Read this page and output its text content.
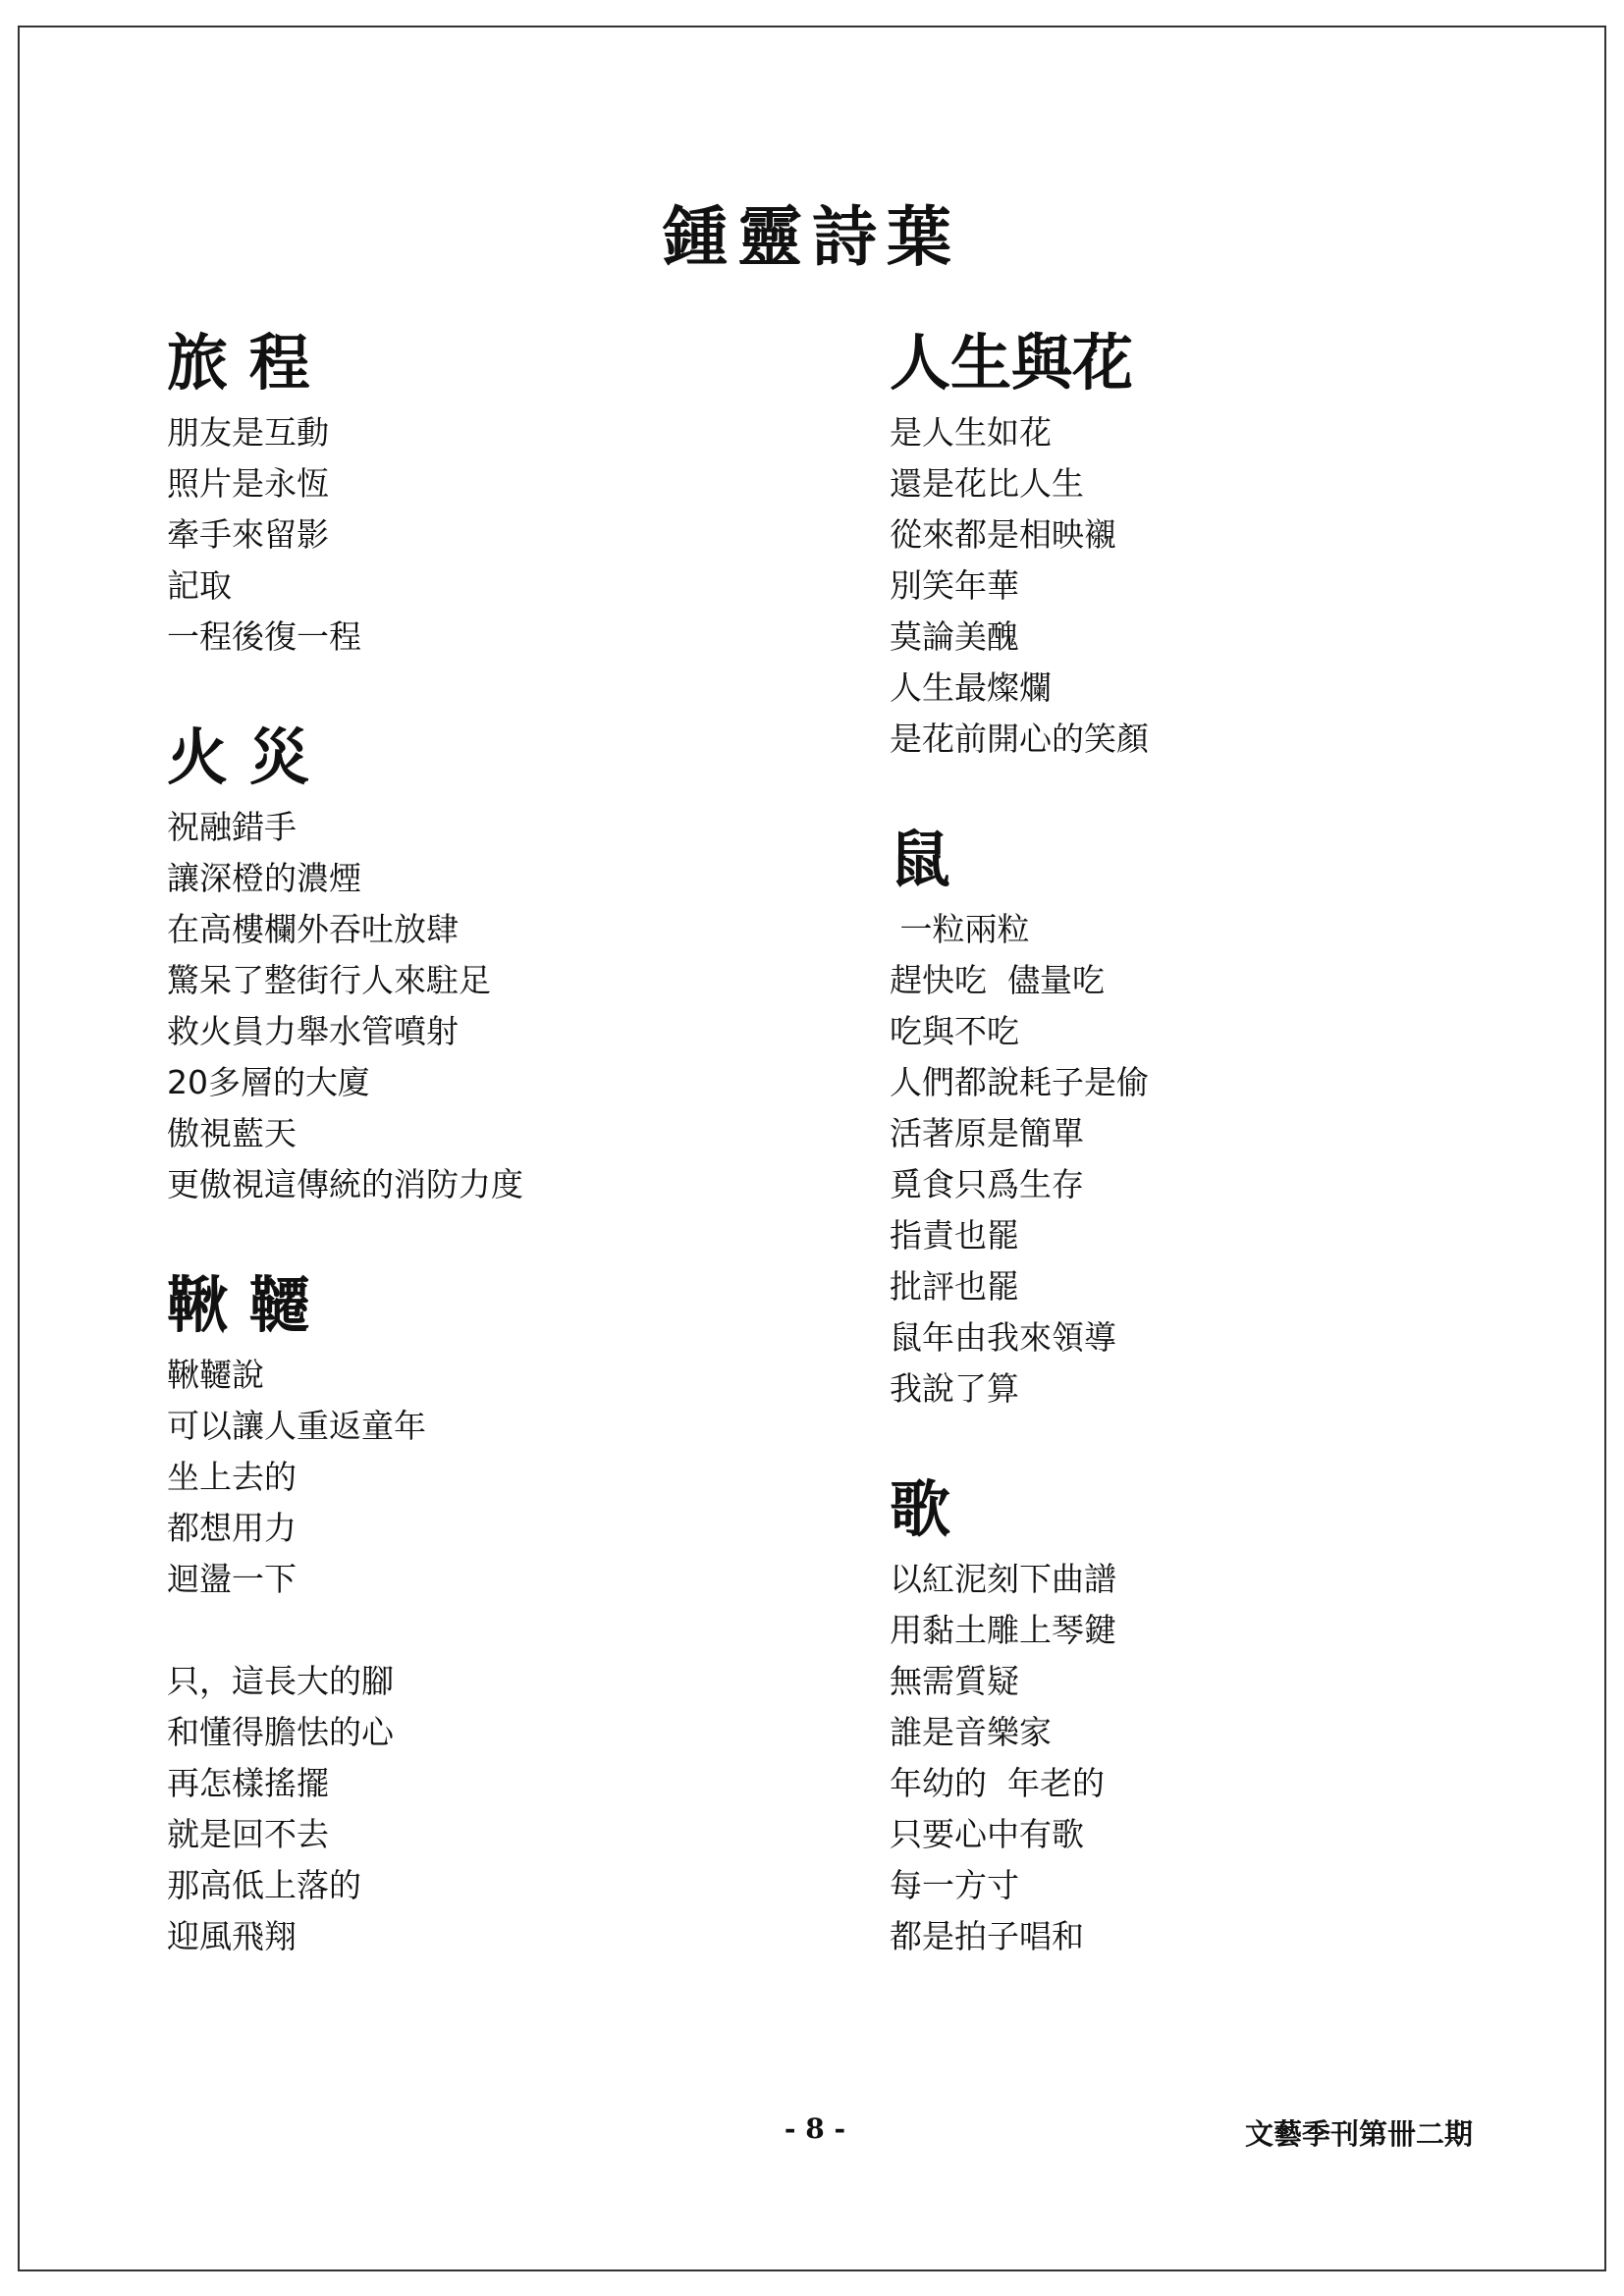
鍾靈詩葉
旅 程
朋友是互動
照片是永恆
牽手來留影
記取
一程後復一程
火 災
祝融錯手
讓深橙的濃煙
在高樓欄外吞吐放肆
驚呆了整街行人來駐足
救火員力舉水管噴射
20多層的大廈
傲視藍天
更傲視這傳統的消防力度
鞦 韆
鞦韆說
可以讓人重返童年
坐上去的
都想用力
迴盪一下
只，這長大的腳
和懂得膽怯的心
再怎樣搖擺
就是回不去
那高低上落的
迎風飛翔
人生與花
是人生如花
還是花比人生
從來都是相映襯
別笑年華
莫論美醜
人生最燦爛
是花前開心的笑顏
鼠
一粒兩粒
趕快吃  儘量吃
吃與不吃
人們都說耗子是偷
活著原是簡單
覓食只爲生存
指責也罷
批評也罷
鼠年由我來領導
我說了算
歌
以紅泥刻下曲譜
用黏土雕上琴鍵
無需質疑
誰是音樂家
年幼的  年老的
只要心中有歌
每一方寸
都是拍子唱和
- 8 -	文藝季刊第卌二期
